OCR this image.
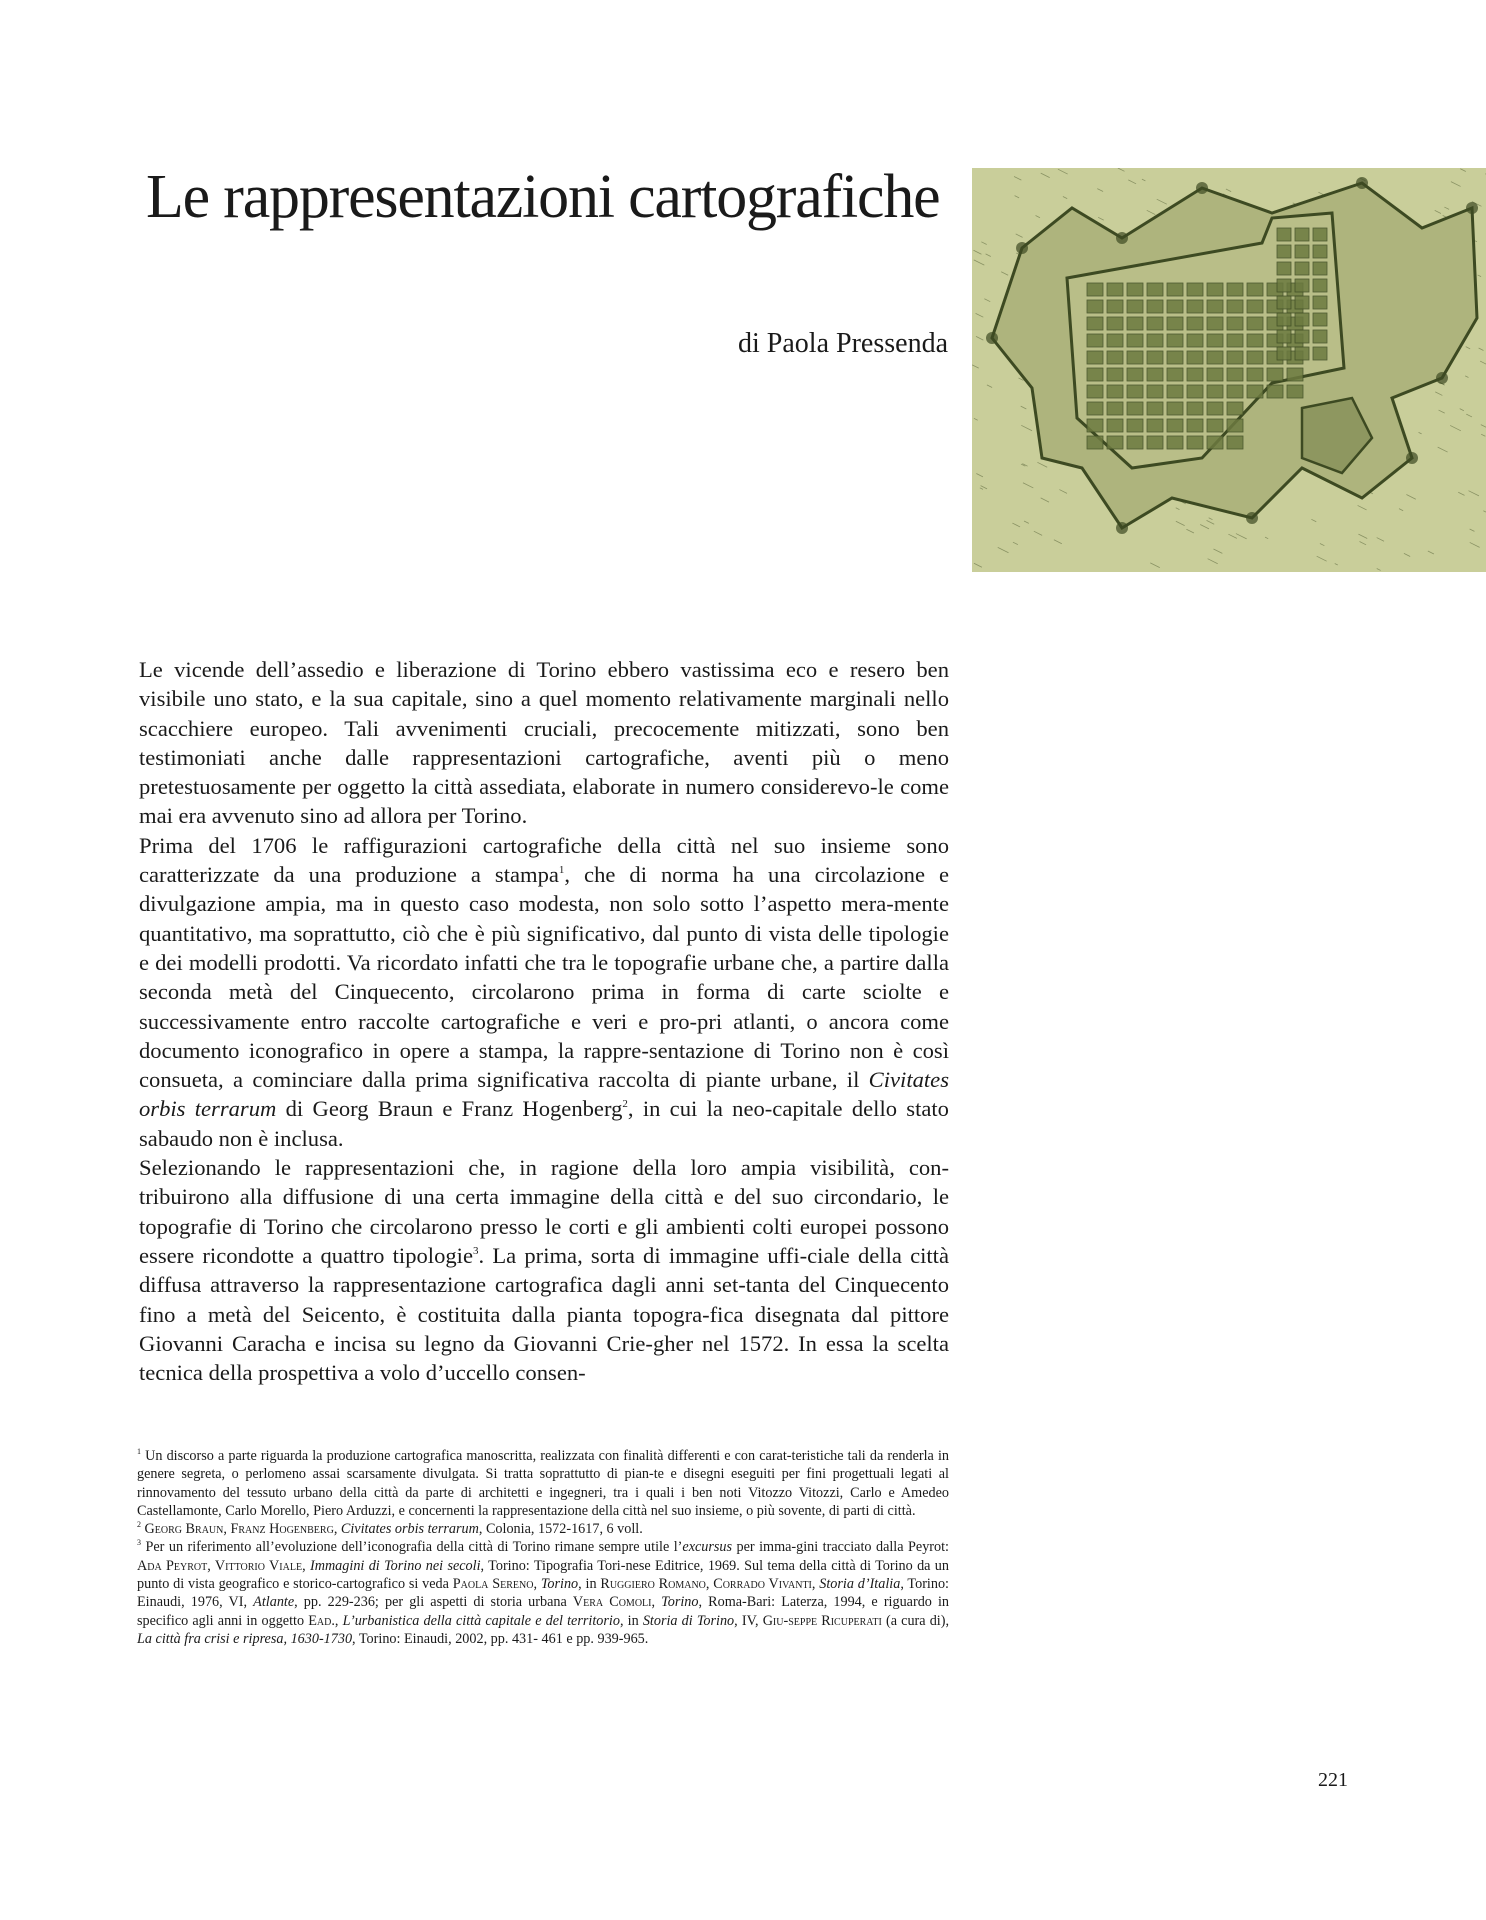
Le rappresentazioni cartografiche
di Paola Pressenda

Le vicende dell’assedio e liberazione di Torino ebbero vastissima eco e resero ben visibile uno stato, e la sua capitale, sino a quel momento relativamente marginali nello scacchiere europeo. Tali avvenimenti cruciali, precocemente mitizzati, sono ben testimoniati anche dalle rappresentazioni cartografiche, aventi più o meno pretestuosamente per oggetto la città assediata, elaborate in numero considerevo-le come mai era avvenuto sino ad allora per Torino.

Prima del 1706 le raffigurazioni cartografiche della città nel suo insieme sono caratterizzate da una produzione a stampa$^1$, che di norma ha una circolazione e divulgazione ampia, ma in questo caso modesta, non solo sotto l’aspetto mera-mente quantitativo, ma soprattutto, ciò che è più significativo, dal punto di vista delle tipologie e dei modelli prodotti. Va ricordato infatti che tra le topografie urbane che, a partire dalla seconda metà del Cinquecento, circolarono prima in forma di carte sciolte e successivamente entro raccolte cartografiche e veri e pro-pri atlanti, o ancora come documento iconografico in opere a stampa, la rappre-sentazione di Torino non è così consueta, a cominciare dalla prima significativa raccolta di piante urbane, il Civitates orbis terrarum di Georg Braun e Franz Hogenberg$^2$, in cui la neo-capitale dello stato sabaudo non è inclusa.

Selezionando le rappresentazioni che, in ragione della loro ampia visibilità, con-tribuirono alla diffusione di una certa immagine della città e del suo circondario, le topografie di Torino che circolarono presso le corti e gli ambienti colti europei possono essere ricondotte a quattro tipologie$^3$. La prima, sorta di immagine uffi-ciale della città diffusa attraverso la rappresentazione cartografica dagli anni set-tanta del Cinquecento fino a metà del Seicento, è costituita dalla pianta topogra-fica disegnata dal pittore Giovanni Caracha e incisa su legno da Giovanni Crie-gher nel 1572. In essa la scelta tecnica della prospettiva a volo d’uccello consen-

$^1$ Un discorso a parte riguarda la produzione cartografica manoscritta, realizzata con finalità differenti e con carat-teristiche tali da renderla in genere segreta, o perlomeno assai scarsamente divulgata. Si tratta soprattutto di pian-te e disegni eseguiti per fini progettuali legati al rinnovamento del tessuto urbano della città da parte di architetti e ingegneri, tra i quali i ben noti Vitozzo Vitozzi, Carlo e Amedeo Castellamonte, Carlo Morello, Piero Arduzzi, e concernenti la rappresentazione della città nel suo insieme, o più sovente, di parti di città.

$^2$ Georg Braun, Franz Hogenberg, Civitates orbis terrarum, Colonia, 1572-1617, 6 voll.

$^3$ Per un riferimento all’evoluzione dell’iconografia della città di Torino rimane sempre utile l’excursus per imma-gini tracciato dalla Peyrot: Ada Peyrot, Vittorio Viale, Immagini di Torino nei secoli, Torino: Tipografia Tori-nese Editrice, 1969. Sul tema della città di Torino da un punto di vista geografico e storico-cartografico si veda Paola Sereno, Torino, in Ruggiero Romano, Corrado Vivanti, Storia d’Italia, Torino: Einaudi, 1976, VI, Atlante, pp. 229-236; per gli aspetti di storia urbana Vera Comoli, Torino, Roma-Bari: Laterza, 1994, e riguardo in specifico agli anni in oggetto Ead., L’urbanistica della città capitale e del territorio, in Storia di Torino, IV, Giu-seppe Ricuperati (a cura di), La città fra crisi e ripresa, 1630-1730, Torino: Einaudi, 2002, pp. 431- 461 e pp. 939-965.

221
